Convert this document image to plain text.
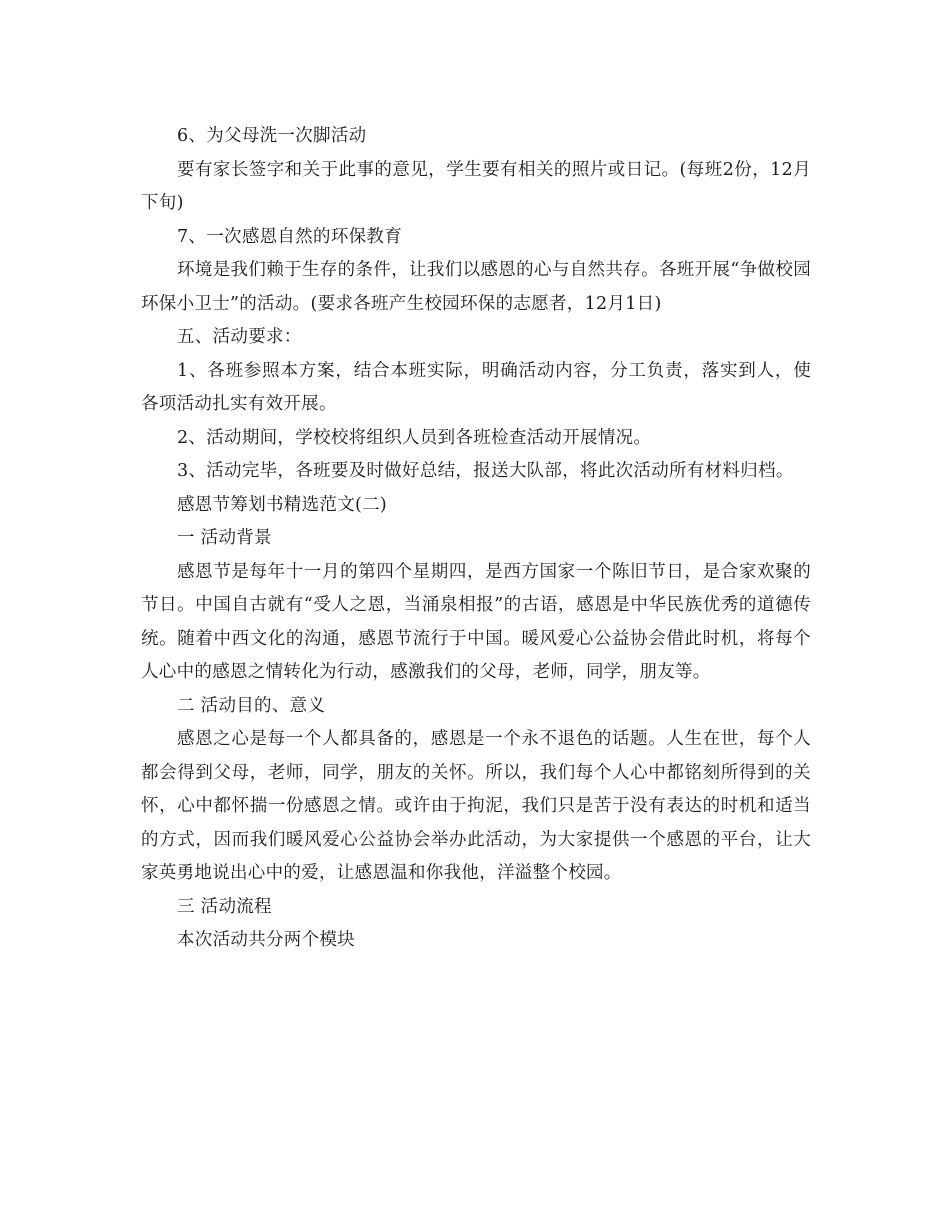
6、为父母洗一次脚活动

要有家长签字和关于此事的意见，学生要有相关的照片或日记。(每班2份，12月下旬)

7、一次感恩自然的环保教育

环境是我们赖于生存的条件，让我们以感恩的心与自然共存。各班开展“争做校园环保小卫士”的活动。(要求各班产生校园环保的志愿者，12月1日)

五、活动要求：

1、各班参照本方案，结合本班实际，明确活动内容，分工负责，落实到人，使各项活动扎实有效开展。

2、活动期间，学校校将组织人员到各班检查活动开展情况。

3、活动完毕，各班要及时做好总结，报送大队部，将此次活动所有材料归档。

感恩节筹划书精选范文(二)

一 活动背景

感恩节是每年十一月的第四个星期四，是西方国家一个陈旧节日，是合家欢聚的节日。中国自古就有“受人之恩，当涌泉相报”的古语，感恩是中华民族优秀的道德传统。随着中西文化的沟通，感恩节流行于中国。暖风爱心公益协会借此时机，将每个人心中的感恩之情转化为行动，感激我们的父母，老师，同学，朋友等。

二 活动目的、意义

感恩之心是每一个人都具备的，感恩是一个永不退色的话题。人生在世，每个人都会得到父母，老师，同学，朋友的关怀。所以，我们每个人心中都铭刻所得到的关怀，心中都怀揣一份感恩之情。或许由于拘泥，我们只是苦于没有表达的时机和适当的方式，因而我们暖风爱心公益协会举办此活动，为大家提供一个感恩的平台，让大家英勇地说出心中的爱，让感恩温和你我他，洋溢整个校园。

三 活动流程

本次活动共分两个模块
